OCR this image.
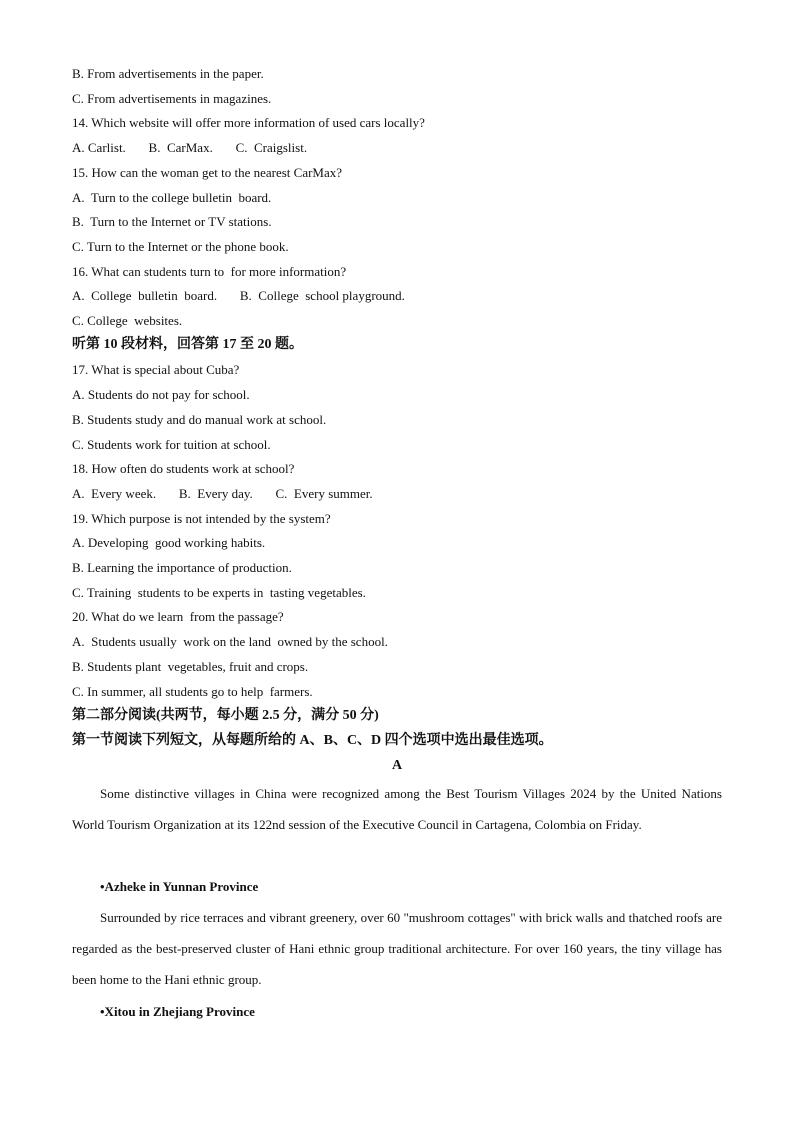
B. From advertisements in the paper.
C. From advertisements in magazines.
14. Which website will offer more information of used cars locally?
A. Carlist.       B.  CarMax.       C.  Craigslist.
15. How can the woman get to the nearest CarMax?
A.  Turn to the college bulletin  board.
B.  Turn to the Internet or TV stations.
C. Turn to the Internet or the phone book.
16. What can students turn to  for more information?
A.  College  bulletin  board.       B.  College  school playground.
C. College  websites.
听第 10 段材料，回答第 17 至 20 题。
17. What is special about Cuba?
A. Students do not pay for school.
B. Students study and do manual work at school.
C. Students work for tuition at school.
18. How often do students work at school?
A.  Every week.       B.  Every day.       C.  Every summer.
19. Which purpose is not intended by the system?
A. Developing  good working habits.
B. Learning the importance of production.
C. Training  students to be experts in  tasting vegetables.
20. What do we learn  from the passage?
A.  Students usually  work on the land  owned by the school.
B. Students plant  vegetables, fruit and crops.
C. In summer, all students go to help  farmers.
第二部分阅读(共两节，每小题 2.5 分，满分 50 分)
第一节阅读下列短文，从每题所给的 A、B、C、D 四个选项中选出最佳选项。
A
Some distinctive villages in China were recognized among the Best Tourism Villages 2024 by the United Nations World Tourism Organization at its 122nd session of the Executive Council in Cartagena, Colombia on Friday.
•Azheke in Yunnan Province
Surrounded by rice terraces and vibrant greenery, over 60 "mushroom cottages" with brick walls and thatched roofs are regarded as the best-preserved cluster of Hani ethnic group traditional architecture. For over 160 years, the tiny village has been home to the Hani ethnic group.
•Xitou in Zhejiang Province
